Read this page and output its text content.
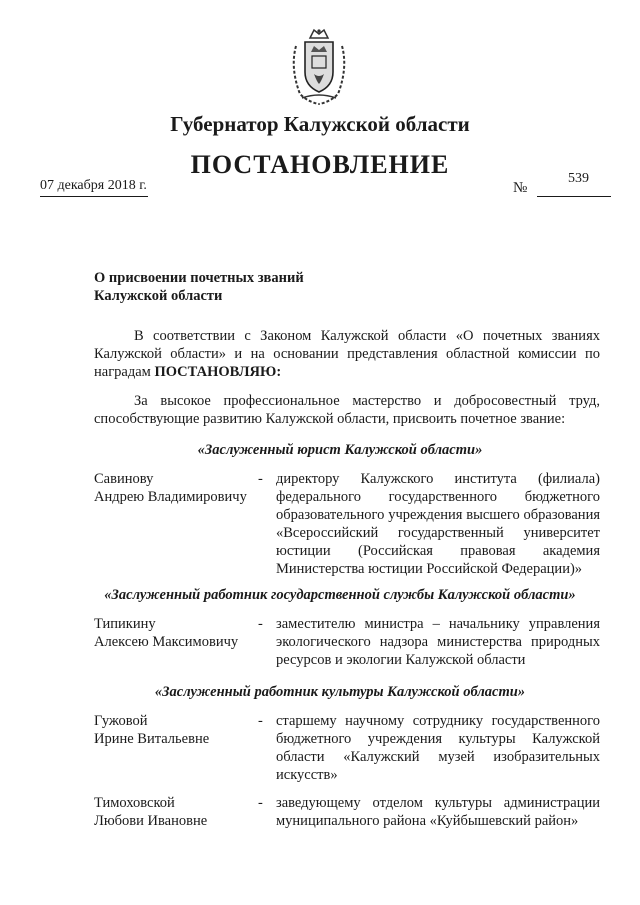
Губернатор Калужской области
ПОСТАНОВЛЕНИЕ
07 декабря 2018 г.	№
539
О присвоении почетных званий
Калужской области
В соответствии с Законом Калужской области «О почетных званиях Калужской области» и на основании представления областной комиссии по наградам ПОСТАНОВЛЯЮ:
За высокое профессиональное мастерство и добросовестный труд, способствующие развитию Калужской области, присвоить почетное звание:
«Заслуженный юрист Калужской области»
Савинову
Андрею Владимировичу
- директору Калужского института (филиала) федерального государственного бюджетного образовательного учреждения высшего образования «Всероссийский государственный университет юстиции (Российская правовая академия Министерства юстиции Российской Федерации)»
«Заслуженный работник государственной службы Калужской области»
Типикину
Алексею Максимовичу
- заместителю министра – начальнику управления экологического надзора министерства природных ресурсов и экологии Калужской области
«Заслуженный работник культуры Калужской области»
Гужовой
Ирине Витальевне
- старшему научному сотруднику государственного бюджетного учреждения культуры Калужской области «Калужский музей изобразительных искусств»
Тимоховской
Любови Ивановне
- заведующему отделом культуры администрации муниципального района «Куйбышевский район»
